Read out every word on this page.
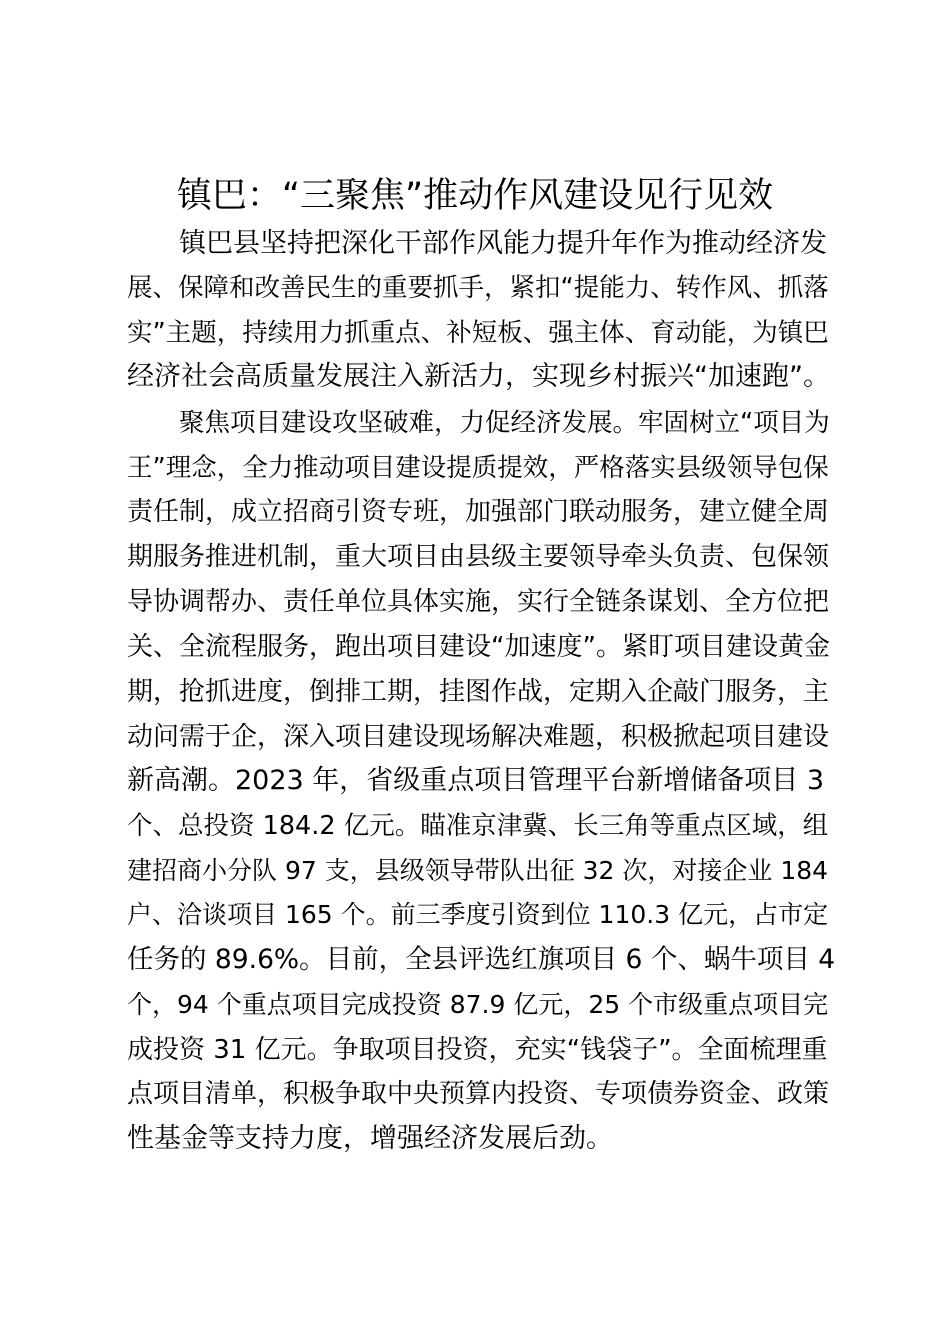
镇巴：“三聚焦”推动作风建设见行见效

镇巴县坚持把深化干部作风能力提升年作为推动经济发

展、保障和改善民生的重要抓手，紧扣“提能力、转作风、抓落

实”主题，持续用力抓重点、补短板、强主体、育动能，为镇巴

经济社会高质量发展注入新活力，实现乡村振兴“加速跑”。

聚焦项目建设攻坚破难，力促经济发展。牢固树立“项目为

王”理念，全力推动项目建设提质提效，严格落实县级领导包保

责任制，成立招商引资专班，加强部门联动服务，建立健全周

期服务推进机制，重大项目由县级主要领导牵头负责、包保领

导协调帮办、责任单位具体实施，实行全链条谋划、全方位把

关、全流程服务，跑出项目建设“加速度”。紧盯项目建设黄金

期，抢抓进度，倒排工期，挂图作战，定期入企敲门服务，主

动问需于企，深入项目建设现场解决难题，积极掀起项目建设

新高潮。2023 年，省级重点项目管理平台新增储备项目 3

个、总投资 184.2 亿元。瞄准京津冀、长三角等重点区域，组

建招商小分队 97 支，县级领导带队出征 32 次，对接企业 184

户、洽谈项目 165 个。前三季度引资到位 110.3 亿元，占市定

任务的 89.6%。目前，全县评选红旗项目 6 个、蜗牛项目 4

个，94 个重点项目完成投资 87.9 亿元，25 个市级重点项目完

成投资 31 亿元。争取项目投资，充实“钱袋子”。全面梳理重

点项目清单，积极争取中央预算内投资、专项债券资金、政策

性基金等支持力度，增强经济发展后劲。
